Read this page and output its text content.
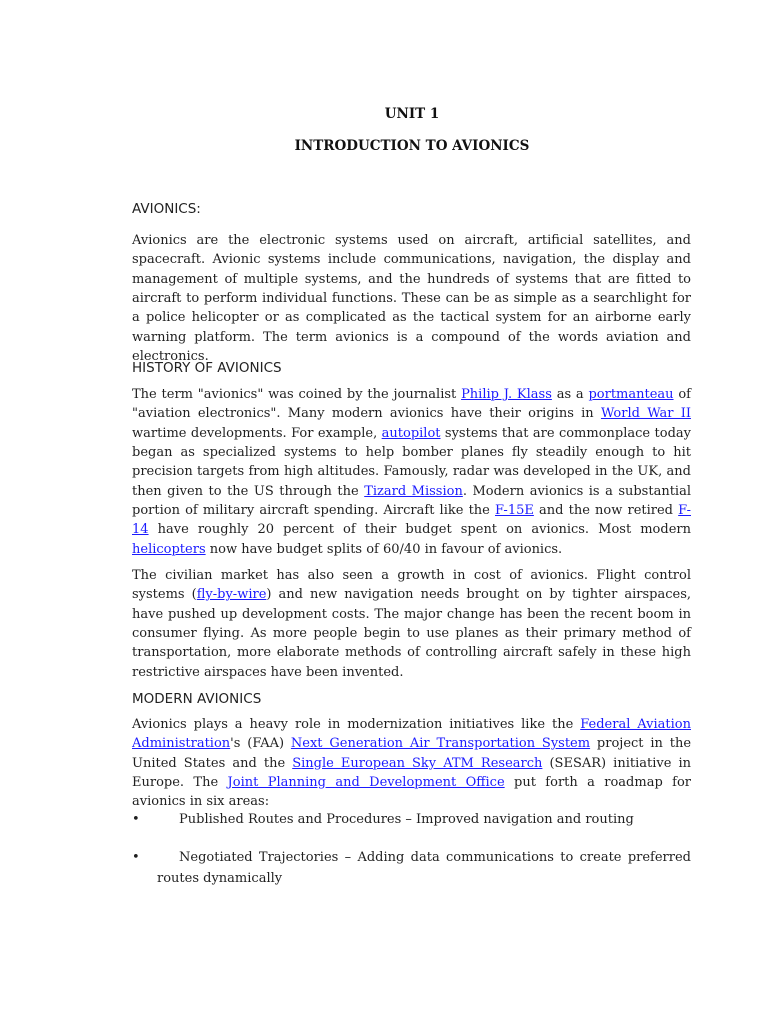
UNIT 1
INTRODUCTION TO AVIONICS
AVIONICS:

Avionics are the electronic systems used on aircraft, artificial satellites, and spacecraft. Avionic systems include communications, navigation, the display and management of multiple systems, and the hundreds of systems that are fitted to aircraft to perform individual functions. These can be as simple as a searchlight for a police helicopter or as complicated as the tactical system for an airborne early warning platform. The term avionics is a compound of the words aviation and electronics.

HISTORY OF AVIONICS

The term "avionics" was coined by the journalist Philip J. Klass as a portmanteau of "aviation electronics". Many modern avionics have their origins in World War II wartime developments. For example, autopilot systems that are commonplace today began as specialized systems to help bomber planes fly steadily enough to hit precision targets from high altitudes. Famously, radar was developed in the UK, and then given to the US through the Tizard Mission. Modern avionics is a substantial portion of military aircraft spending. Aircraft like the F-15E and the now retired F-14 have roughly 20 percent of their budget spent on avionics. Most modern helicopters now have budget splits of 60/40 in favour of avionics.

The civilian market has also seen a growth in cost of avionics. Flight control systems (fly-by-wire) and new navigation needs brought on by tighter airspaces, have pushed up development costs. The major change has been the recent boom in consumer flying. As more people begin to use planes as their primary method of transportation, more elaborate methods of controlling aircraft safely in these high restrictive airspaces have been invented.

MODERN AVIONICS

Avionics plays a heavy role in modernization initiatives like the Federal Aviation Administration's (FAA) Next Generation Air Transportation System project in the United States and the Single European Sky ATM Research (SESAR) initiative in Europe. The Joint Planning and Development Office put forth a roadmap for avionics in six areas:

•	Published Routes and Procedures – Improved navigation and routing
•	Negotiated Trajectories – Adding data communications to create preferred routes dynamically
